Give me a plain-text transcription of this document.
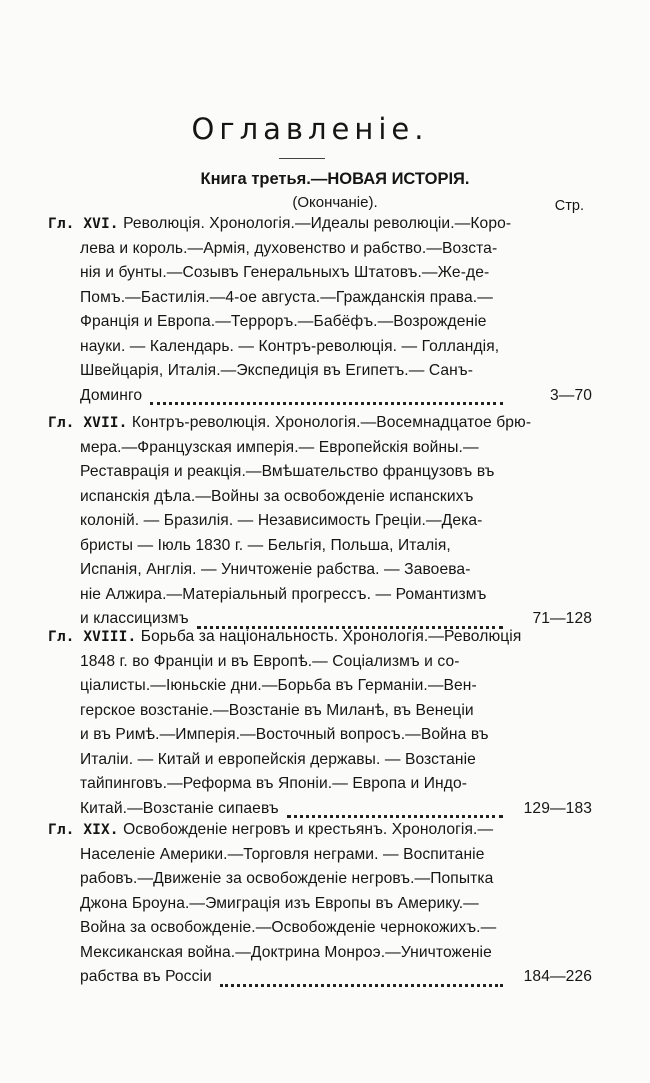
Оглавленіе.
Книга третья.—НОВАЯ ИСТОРІЯ.
(Окончаніе).	Стр.
Гл. XVI. Революція. Хронологія.—Идеалы революціи.—Коро-
лева и король.—Армія, духовенство и рабство.—Возста-
нія и бунты.—Созывъ Генеральныхъ Штатовъ.—Же-де-
Помъ.—Бастилія.—4-ое августа.—Гражданскія права.—
Франція и Европа.—Терроръ.—Бабёфъ.—Возрожденіе
науки. — Календарь. — Контръ-революція. — Голландія,
Швейцарія, Италія.—Экспедиція въ Египетъ.— Санъ-
Доминго	3—70
Гл. XVII. Контръ-революція. Хронологія.—Восемнадцатое брю-
мера.—Французская имперія.— Европейскія войны.—
Реставрація и реакція.—Вмѣшательство французовъ въ
испанскія дѣла.—Войны за освобожденіе испанскихъ
колоній. — Бразилія. — Независимость Греціи.—Дека-
бристы — Іюль 1830 г. — Бельгія, Польша, Италія,
Испанія, Англія. — Уничтоженіе рабства. — Завоева-
ніе Алжира.—Матеріальный прогрессъ. — Романтизмъ
и классицизмъ	71—128
Гл. XVIII. Борьба за національность. Хронологія.—Революція
1848 г. во Франціи и въ Европѣ.— Соціализмъ и со-
ціалисты.—Іюньскіе дни.—Борьба въ Германіи.—Вен-
герское возстаніе.—Возстаніе въ Миланѣ, въ Венеціи
и въ Римѣ.—Имперія.—Восточный вопросъ.—Война въ
Италіи. — Китай и европейскія державы. — Возстаніе
тайпинговъ.—Реформа въ Японіи.— Европа и Индо-
Китай.—Возстаніе сипаевъ	129—183
Гл. XIX. Освобожденіе негровъ и крестьянъ. Хронологія.—
Населеніе Америки.—Торговля неграми. — Воспитаніе
рабовъ.—Движеніе за освобожденіе негровъ.—Попытка
Джона Броуна.—Эмиграція изъ Европы въ Америку.—
Война за освобожденіе.—Освобожденіе чернокожихъ.—
Мексиканская война.—Доктрина Монроэ.—Уничтоженіе
рабства въ Россіи	184—226
